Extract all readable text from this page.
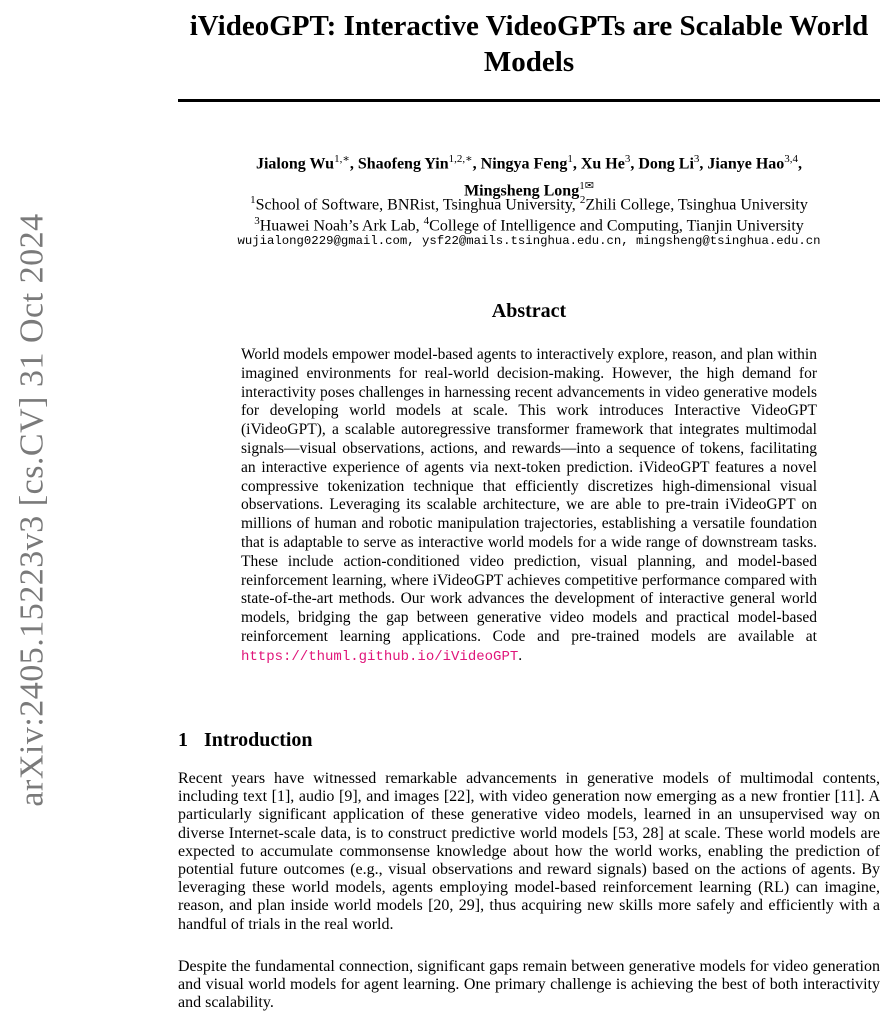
arXiv:2405.15223v3 [cs.CV] 31 Oct 2024
iVideoGPT: Interactive VideoGPTs are Scalable World Models
Jialong $Wu^{1,∗}$, Shaofeng Yin$^{1,2,∗}$, Ningya Feng$^1$, Xu He$^3$, Dong Li$^3$, Jianye Hao$^{3,4}$,
Mingsheng Long$^{1✉}$
$^1$School of Software, BNRist, Tsinghua University, $^2$Zhili College, Tsinghua University
$^3$Huawei Noah’s Ark Lab, $^4$College of Intelligence and Computing, Tianjin University
wujialong0229@gmail.com, ysf22@mails.tsinghua.edu.cn, mingsheng@tsinghua.edu.cn
Abstract
World models empower model-based agents to interactively explore, reason, and plan within imagined environments for real-world decision-making. However, the high demand for interactivity poses challenges in harnessing recent advancements in video generative models for developing world models at scale. This work introduces Interactive VideoGPT (iVideoGPT), a scalable autoregressive transformer framework that integrates multimodal signals—visual observations, actions, and rewards—into a sequence of tokens, facilitating an interactive experience of agents via next-token prediction. iVideoGPT features a novel compressive tokenization technique that efficiently discretizes high-dimensional visual observations. Leveraging its scalable architecture, we are able to pre-train iVideoGPT on millions of human and robotic manipulation trajectories, establishing a versatile foundation that is adaptable to serve as interactive world models for a wide range of downstream tasks. These include action-conditioned video prediction, visual planning, and model-based reinforcement learning, where iVideoGPT achieves competitive performance compared with state-of-the-art methods. Our work advances the development of interactive general world models, bridging the gap between generative video models and practical model-based reinforcement learning applications. Code and pre-trained models are available at https://thuml.github.io/iVideoGPT.
1 Introduction

Recent years have witnessed remarkable advancements in generative models of multimodal contents, including text [1], audio [9], and images [22], with video generation now emerging as a new frontier [11]. A particularly significant application of these generative video models, learned in an unsupervised way on diverse Internet-scale data, is to construct predictive world models [53, 28] at scale. These world models are expected to accumulate commonsense knowledge about how the world works, enabling the prediction of potential future outcomes (e.g., visual observations and reward signals) based on the actions of agents. By leveraging these world models, agents employing model-based reinforcement learning (RL) can imagine, reason, and plan inside world models [20, 29], thus acquiring new skills more safely and efficiently with a handful of trials in the real world.

Despite the fundamental connection, significant gaps remain between generative models for video generation and visual world models for agent learning. One primary challenge is achieving the best of both interactivity and scalability.
